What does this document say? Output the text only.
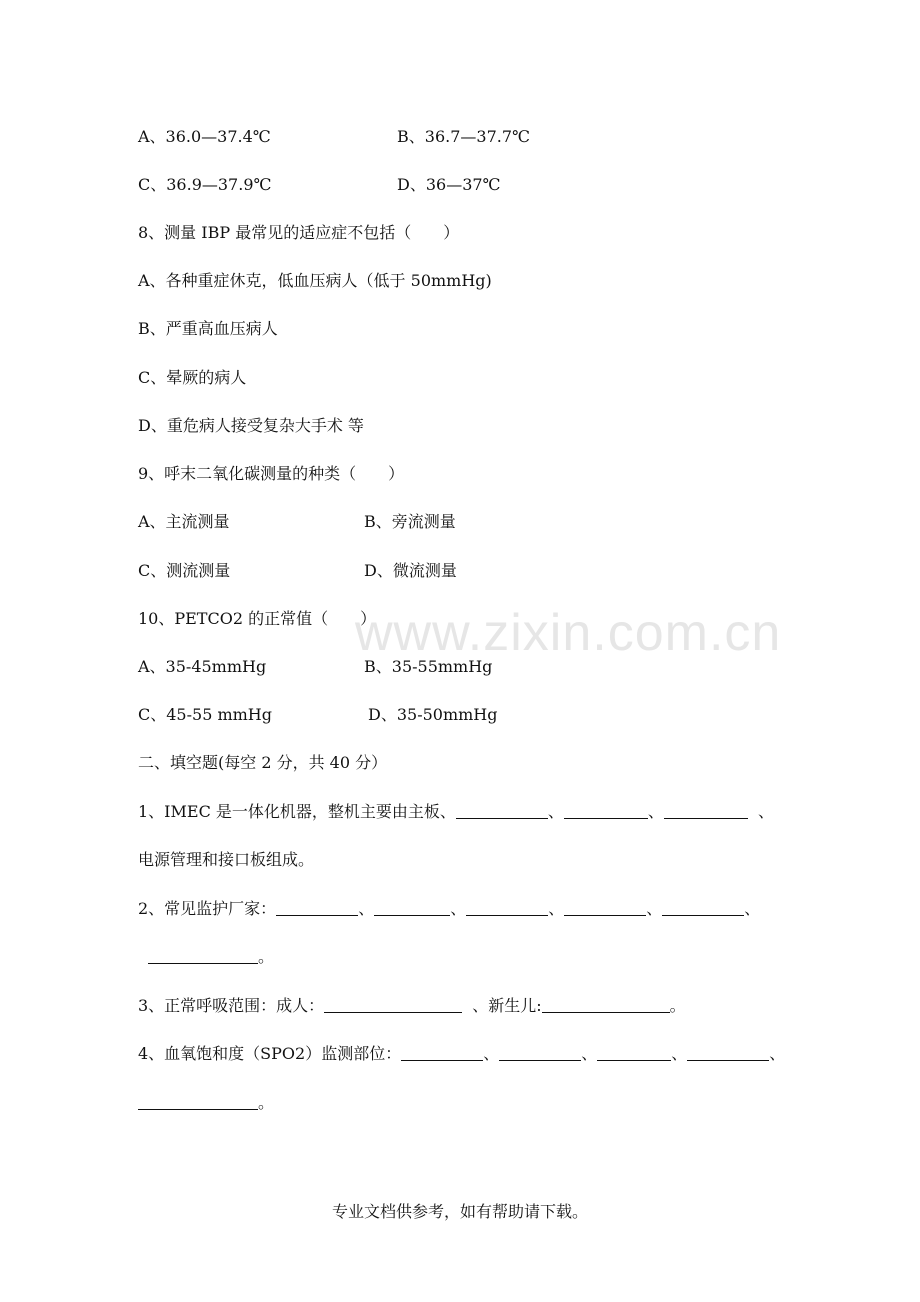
www.zixin.com.cn
A、36.0—37.4℃	B、36.7—37.7℃
C、36.9—37.9℃	D、36—37℃
8、测量 IBP 最常见的适应症不包括（　　）
A、各种重症休克，低血压病人（低于 50mmHg)
B、严重高血压病人
C、晕厥的病人
D、重危病人接受复杂大手术 等
9、呼末二氧化碳测量的种类（　　）
A、主流测量	B、旁流测量
C、测流测量	D、微流测量
10、PETCO2 的正常值（　　）
A、35-45mmHg	B、35-55mmHg
C、45-55 mmHg	D、35-50mmHg
二、填空题(每空 2 分，共 40 分）
1、IMEC 是一体化机器，整机主要由主板、	、	、	、
电源管理和接口板组成。
2、常见监护厂家：	、	、	、	、	、
。
3、正常呼吸范围：成人：	、新生儿:	。
4、血氧饱和度（SPO2）监测部位：	、	、	、	、
。
专业文档供参考，如有帮助请下载。
